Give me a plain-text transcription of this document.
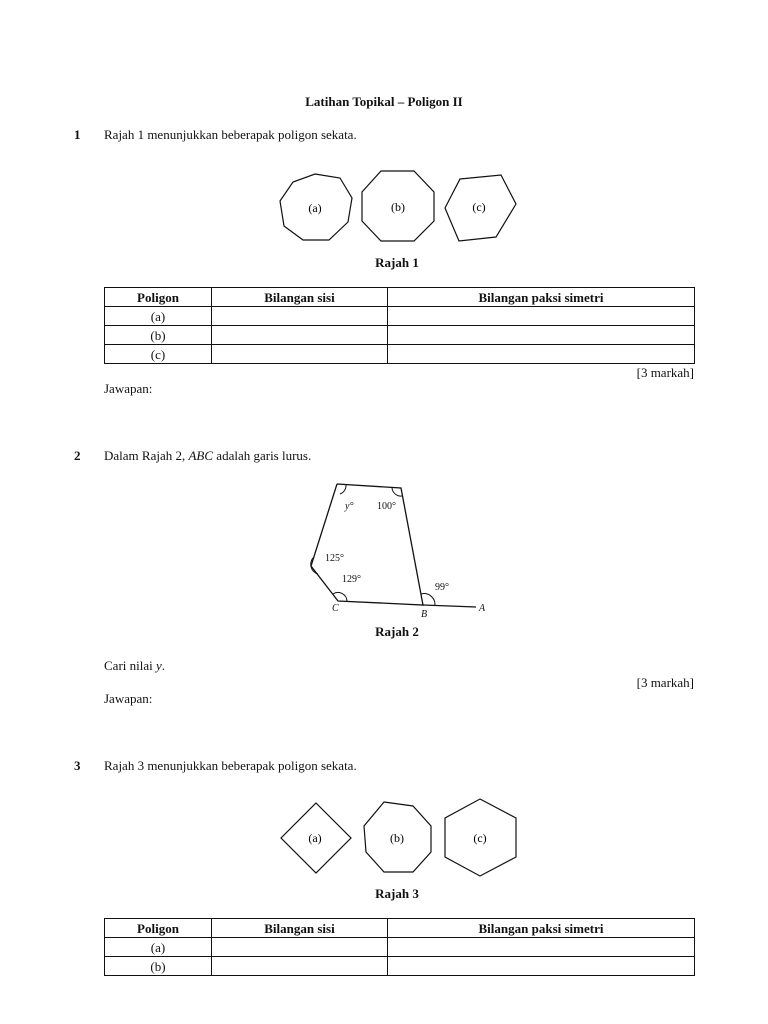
Latihan Topikal – Poligon II
1 Rajah 1 menunjukkan beberapak poligon sekata.
(a)	(b)	(c)
Rajah 1
Poligon	Bilangan sisi	Bilangan paksi simetri
(a)		
(b)		
(c)		
[3 markah]
Jawapan:
2 Dalam Rajah 2, ABC adalah garis lurus.
y° 100°
125°
129°
99°
C
B
A
Rajah 2
Cari nilai y.
[3 markah]
Jawapan:
3 Rajah 3 menunjukkan beberapak poligon sekata.
(a)	(b)	(c)
Rajah 3
Poligon	Bilangan sisi	Bilangan paksi simetri
(a)		
(b)		
